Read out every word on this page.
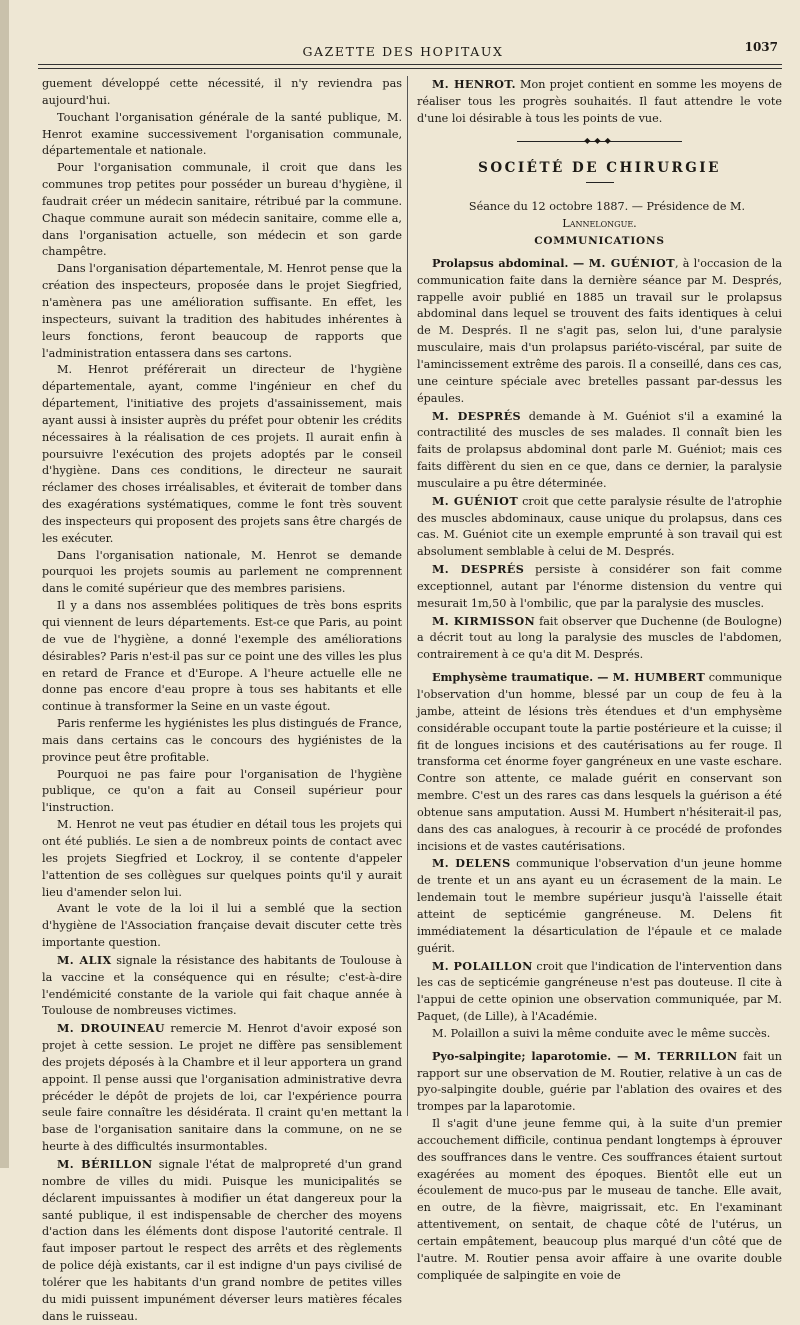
GAZETTE DES HOPITAUX	1037

guement développé cette nécessité, il n'y reviendra pas aujourd'hui.

Touchant l'organisation générale de la santé publique, M. Henrot examine successivement l'organisation communale, départementale et nationale.

Pour l'organisation communale, il croit que dans les communes trop petites pour posséder un bureau d'hygiène, il faudrait créer un médecin sanitaire, rétribué par la commune. Chaque commune aurait son médecin sanitaire, comme elle a, dans l'organisation actuelle, son médecin et son garde champêtre.

Dans l'organisation départementale, M. Henrot pense que la création des inspecteurs, proposée dans le projet Siegfried, n'amènera pas une amélioration suffisante. En effet, les inspecteurs, suivant la tradition des habitudes inhérentes à leurs fonctions, feront beaucoup de rapports que l'administration entassera dans ses cartons.

M. Henrot préférerait un directeur de l'hygiène départementale, ayant, comme l'ingénieur en chef du département, l'initiative des projets d'assainissement, mais ayant aussi à insister auprès du préfet pour obtenir les crédits nécessaires à la réalisation de ces projets. Il aurait enfin à poursuivre l'exécution des projets adoptés par le conseil d'hygiène. Dans ces conditions, le directeur ne saurait réclamer des choses irréalisables, et éviterait de tomber dans des exagérations systématiques, comme le font très souvent des inspecteurs qui proposent des projets sans être chargés de les exécuter.

Dans l'organisation nationale, M. Henrot se demande pourquoi les projets soumis au parlement ne comprennent dans le comité supérieur que des membres parisiens.

Il y a dans nos assemblées politiques de très bons esprits qui viennent de leurs départements. Est-ce que Paris, au point de vue de l'hygiène, a donné l'exemple des améliorations désirables? Paris n'est-il pas sur ce point une des villes les plus en retard de France et d'Europe. A l'heure actuelle elle ne donne pas encore d'eau propre à tous ses habitants et elle continue à transformer la Seine en un vaste égout.

Paris renferme les hygiénistes les plus distingués de France, mais dans certains cas le concours des hygiénistes de la province peut être profitable.

Pourquoi ne pas faire pour l'organisation de l'hygiène publique, ce qu'on a fait au Conseil supérieur pour l'instruction.

M. Henrot ne veut pas étudier en détail tous les projets qui ont été publiés. Le sien a de nombreux points de contact avec les projets Siegfried et Lockroy, il se contente d'appeler l'attention de ses collègues sur quelques points qu'il y aurait lieu d'amender selon lui.

Avant le vote de la loi il lui a semblé que la section d'hygiène de l'Association française devait discuter cette très importante question.

M. ALIX signale la résistance des habitants de Toulouse à la vaccine et la conséquence qui en résulte; c'est-à-dire l'endémicité constante de la variole qui fait chaque année à Toulouse de nombreuses victimes.

M. DROUINEAU remercie M. Henrot d'avoir exposé son projet à cette session. Le projet ne diffère pas sensiblement des projets déposés à la Chambre et il leur apportera un grand appoint. Il pense aussi que l'organisation administrative devra précéder le dépôt de projets de loi, car l'expérience pourra seule faire connaître les désidérata. Il craint qu'en mettant la base de l'organisation sanitaire dans la commune, on ne se heurte à des difficultés insurmontables.

M. BÉRILLON signale l'état de malpropreté d'un grand nombre de villes du midi. Puisque les municipalités se déclarent impuissantes à modifier un état dangereux pour la santé publique, il est indispensable de chercher des moyens d'action dans les éléments dont dispose l'autorité centrale. Il faut imposer partout le respect des arrêts et des règlements de police déjà existants, car il est indigne d'un pays civilisé de tolérer que les habitants d'un grand nombre de petites villes du midi puissent impunément déverser leurs matières fécales dans le ruisseau.

M. HENROT. Mon projet contient en somme les moyens de réaliser tous les progrès souhaités. Il faut attendre le vote d'une loi désirable à tous les points de vue.

◆◆◆
SOCIÉTÉ DE CHIRURGIE

Séance du 12 octobre 1887. — Présidence de M. Lannelongue.

COMMUNICATIONS

Prolapsus abdominal. — M. GUÉNIOT, à l'occasion de la communication faite dans la dernière séance par M. Després, rappelle avoir publié en 1885 un travail sur le prolapsus abdominal dans lequel se trouvent des faits identiques à celui de M. Després. Il ne s'agit pas, selon lui, d'une paralysie musculaire, mais d'un prolapsus pariéto-viscéral, par suite de l'amincissement extrême des parois. Il a conseillé, dans ces cas, une ceinture spéciale avec bretelles passant par-dessus les épaules.

M. DESPRÉS demande à M. Guéniot s'il a examiné la contractilité des muscles de ses malades. Il connaît bien les faits de prolapsus abdominal dont parle M. Guéniot; mais ces faits diffèrent du sien en ce que, dans ce dernier, la paralysie musculaire a pu être déterminée.

M. GUÉNIOT croit que cette paralysie résulte de l'atrophie des muscles abdominaux, cause unique du prolapsus, dans ces cas. M. Guéniot cite un exemple emprunté à son travail qui est absolument semblable à celui de M. Després.

M. DESPRÉS persiste à considérer son fait comme exceptionnel, autant par l'énorme distension du ventre qui mesurait 1m,50 à l'ombilic, que par la paralysie des muscles.

M. KIRMISSON fait observer que Duchenne (de Boulogne) a décrit tout au long la paralysie des muscles de l'abdomen, contrairement à ce qu'a dit M. Després.

Emphysème traumatique. — M. HUMBERT communique l'observation d'un homme, blessé par un coup de feu à la jambe, atteint de lésions très étendues et d'un emphysème considérable occupant toute la partie postérieure et la cuisse; il fit de longues incisions et des cautérisations au fer rouge. Il transforma cet énorme foyer gangréneux en une vaste eschare. Contre son attente, ce malade guérit en conservant son membre. C'est un des rares cas dans lesquels la guérison a été obtenue sans amputation. Aussi M. Humbert n'hésiterait-il pas, dans des cas analogues, à recourir à ce procédé de profondes incisions et de vastes cautérisations.

M. DELENS communique l'observation d'un jeune homme de trente et un ans ayant eu un écrasement de la main. Le lendemain tout le membre supérieur jusqu'à l'aisselle était atteint de septicémie gangréneuse. M. Delens fit immédiatement la désarticulation de l'épaule et ce malade guérit.

M. POLAILLON croit que l'indication de l'intervention dans les cas de septicémie gangréneuse n'est pas douteuse. Il cite à l'appui de cette opinion une observation communiquée, par M. Paquet, (de Lille), à l'Académie.

M. Polaillon a suivi la même conduite avec le même succès.

Pyo-salpingite; laparotomie. — M. TERRILLON fait un rapport sur une observation de M. Routier, relative à un cas de pyo-salpingite double, guérie par l'ablation des ovaires et des trompes par la laparotomie.

Il s'agit d'une jeune femme qui, à la suite d'un premier accouchement difficile, continua pendant longtemps à éprouver des souffrances dans le ventre. Ces souffrances étaient surtout exagérées au moment des époques. Bientôt elle eut un écoulement de muco-pus par le museau de tanche. Elle avait, en outre, de la fièvre, maigrissait, etc. En l'examinant attentivement, on sentait, de chaque côté de l'utérus, un certain empâtement, beaucoup plus marqué d'un côté que de l'autre. M. Routier pensa avoir affaire à une ovarite double compliquée de salpingite en voie de
